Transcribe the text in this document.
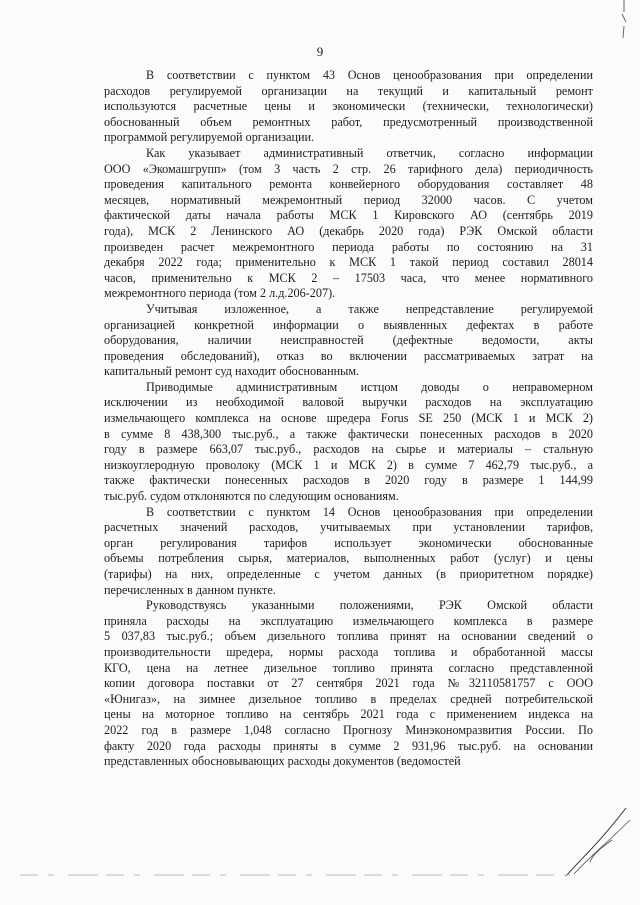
9
В соответствии с пунктом 43 Основ ценообразования при определении
расходов регулируемой организации на текущий и капитальный ремонт
используются расчетные цены и экономически (технически, технологически)
обоснованный объем ремонтных работ, предусмотренный производственной
программой регулируемой организации.
Как указывает административный ответчик, согласно информации
ООО «Экомашгрупп» (том 3 часть 2 стр. 26 тарифного дела) периодичность
проведения капитального ремонта конвейерного оборудования составляет 48
месяцев, нормативный межремонтный период 32000 часов. С учетом
фактической даты начала работы МСК 1 Кировского АО (сентябрь 2019
года), МСК 2 Ленинского АО (декабрь 2020 года) РЭК Омской области
произведен расчет межремонтного периода работы по состоянию на 31
декабря 2022 года; применительно к МСК 1 такой период составил 28014
часов, применительно к МСК 2 – 17503 часа, что менее нормативного
межремонтного периода (том 2 л.д.206-207).
Учитывая изложенное, а также непредставление регулируемой
организацией конкретной информации о выявленных дефектах в работе
оборудования, наличии неисправностей (дефектные ведомости, акты
проведения обследований), отказ во включении рассматриваемых затрат на
капитальный ремонт суд находит обоснованным.
Приводимые административным истцом доводы о неправомерном
исключении из необходимой валовой выручки расходов на эксплуатацию
измельчающего комплекса на основе шредера Forus SE 250 (МСК 1 и МСК 2)
в сумме 8 438,300 тыс.руб., а также фактически понесенных расходов в 2020
году в размере 663,07 тыс.руб., расходов на сырье и материалы – стальную
низкоуглеродную проволоку (МСК 1 и МСК 2) в сумме 7 462,79 тыс.руб., а
также фактически понесенных расходов в 2020 году в размере 1 144,99
тыс.руб. судом отклоняются по следующим основаниям.
В соответствии с пунктом 14 Основ ценообразования при определении
расчетных значений расходов, учитываемых при установлении тарифов,
орган регулирования тарифов использует экономически обоснованные
объемы потребления сырья, материалов, выполненных работ (услуг) и цены
(тарифы) на них, определенные с учетом данных (в приоритетном порядке)
перечисленных в данном пункте.
Руководствуясь указанными положениями, РЭК Омской области
приняла расходы на эксплуатацию измельчающего комплекса в размере
5 037,83 тыс.руб.; объем дизельного топлива принят на основании сведений о
производительности шредера, нормы расхода топлива и обработанной массы
КГО, цена на летнее дизельное топливо принята согласно представленной
копии договора поставки от 27 сентября 2021 года №32110581757 с ООО
«Юнигаз», на зимнее дизельное топливо в пределах средней потребительской
цены на моторное топливо на сентябрь 2021 года с применением индекса на
2022 год в размере 1,048 согласно Прогнозу Минэкономразвития России. По
факту 2020 года расходы приняты в сумме 2 931,96 тыс.руб. на основании
представленных обосновывающих расходы документов (ведомостей
